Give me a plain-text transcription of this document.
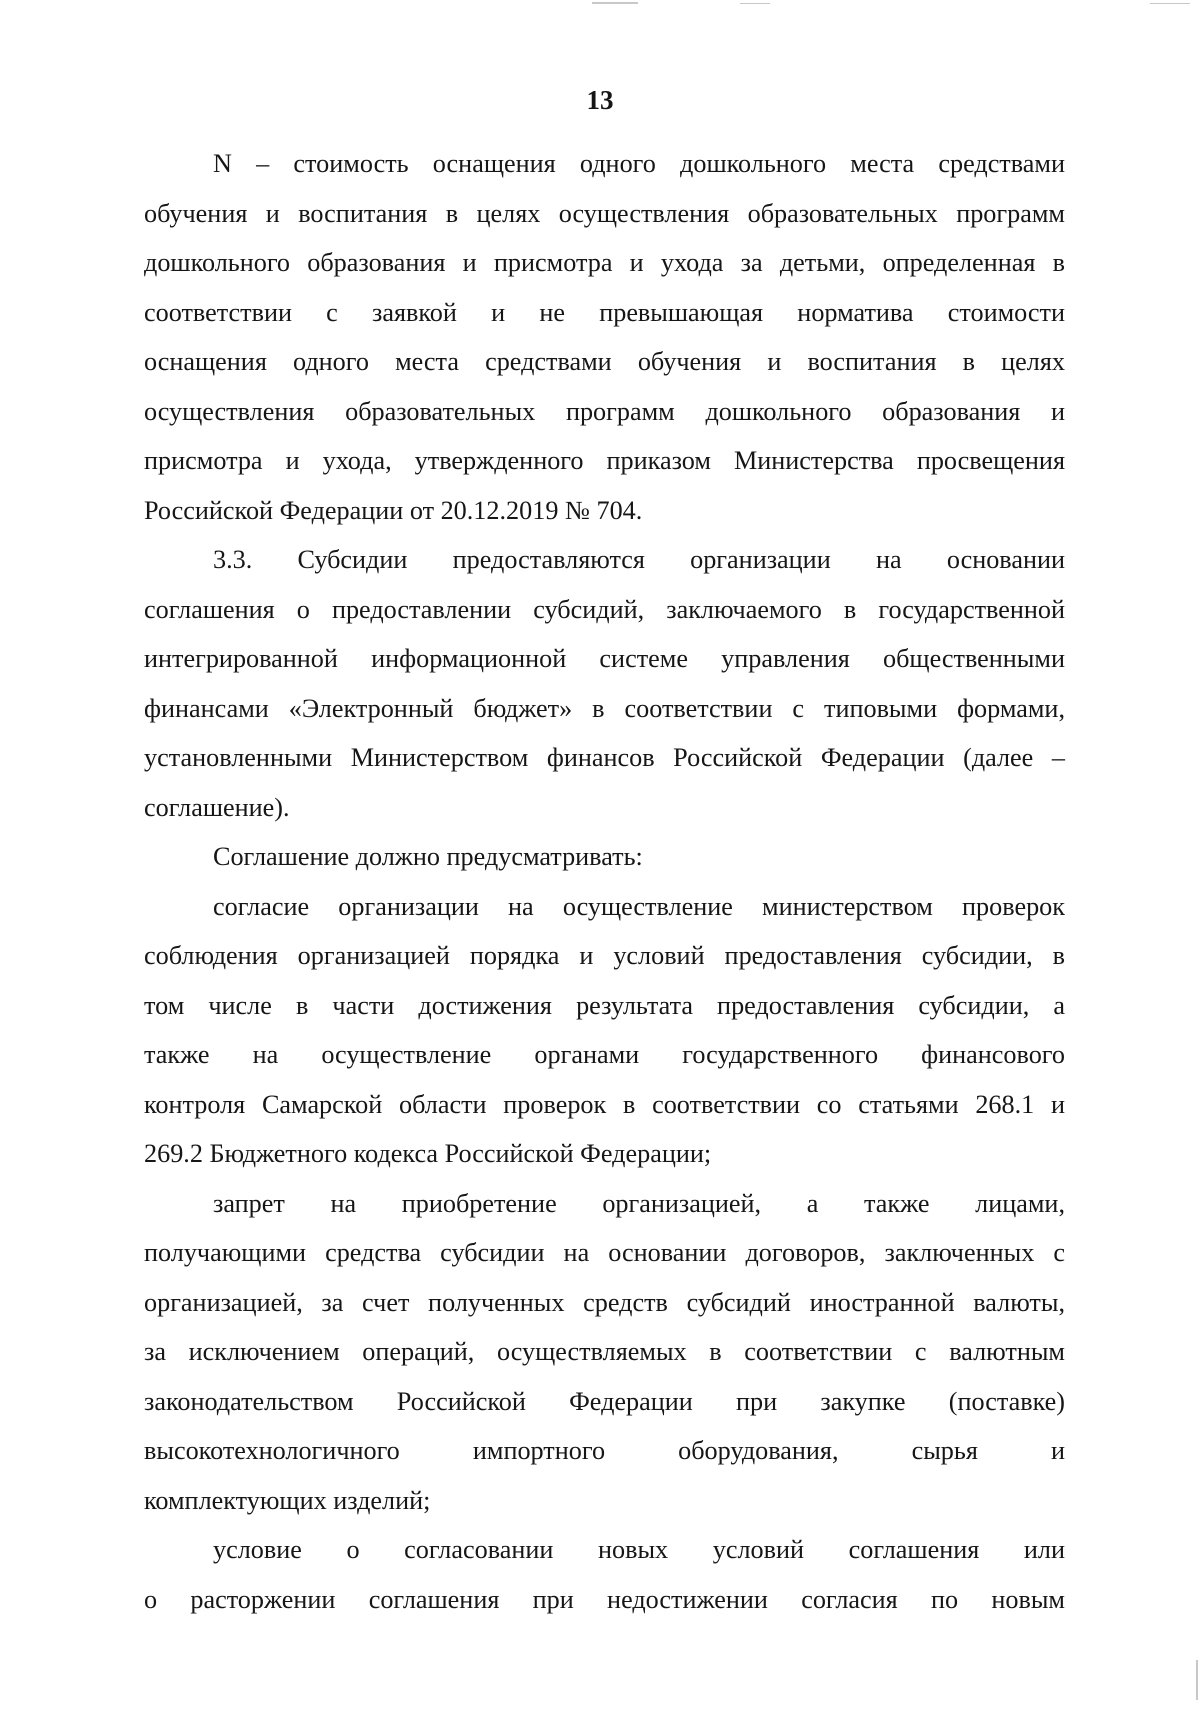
13
N – стоимость оснащения одного дошкольного места средствами
обучения и воспитания в целях осуществления образовательных программ
дошкольного образования и присмотра и ухода за детьми, определенная в
соответствии с заявкой и не превышающая норматива стоимости
оснащения одного места средствами обучения и воспитания в целях
осуществления образовательных программ дошкольного образования и
присмотра и ухода, утвержденного приказом Министерства просвещения
Российской Федерации от 20.12.2019 № 704.
3.3. Субсидии предоставляются организации на основании
соглашения о предоставлении субсидий, заключаемого в государственной
интегрированной информационной системе управления общественными
финансами «Электронный бюджет» в соответствии с типовыми формами,
установленными Министерством финансов Российской Федерации (далее –
соглашение).
Соглашение должно предусматривать:
согласие организации на осуществление министерством проверок
соблюдения организацией порядка и условий предоставления субсидии, в
том числе в части достижения результата предоставления субсидии, а
также на осуществление органами государственного финансового
контроля Самарской области проверок в соответствии со статьями 268.1 и
269.2 Бюджетного кодекса Российской Федерации;
запрет на приобретение организацией, а также лицами,
получающими средства субсидии на основании договоров, заключенных с
организацией, за счет полученных средств субсидий иностранной валюты,
за исключением операций, осуществляемых в соответствии с валютным
законодательством Российской Федерации при закупке (поставке)
высокотехнологичного импортного оборудования, сырья и
комплектующих изделий;
условие о согласовании новых условий соглашения или
о расторжении соглашения при недостижении согласия по новым
